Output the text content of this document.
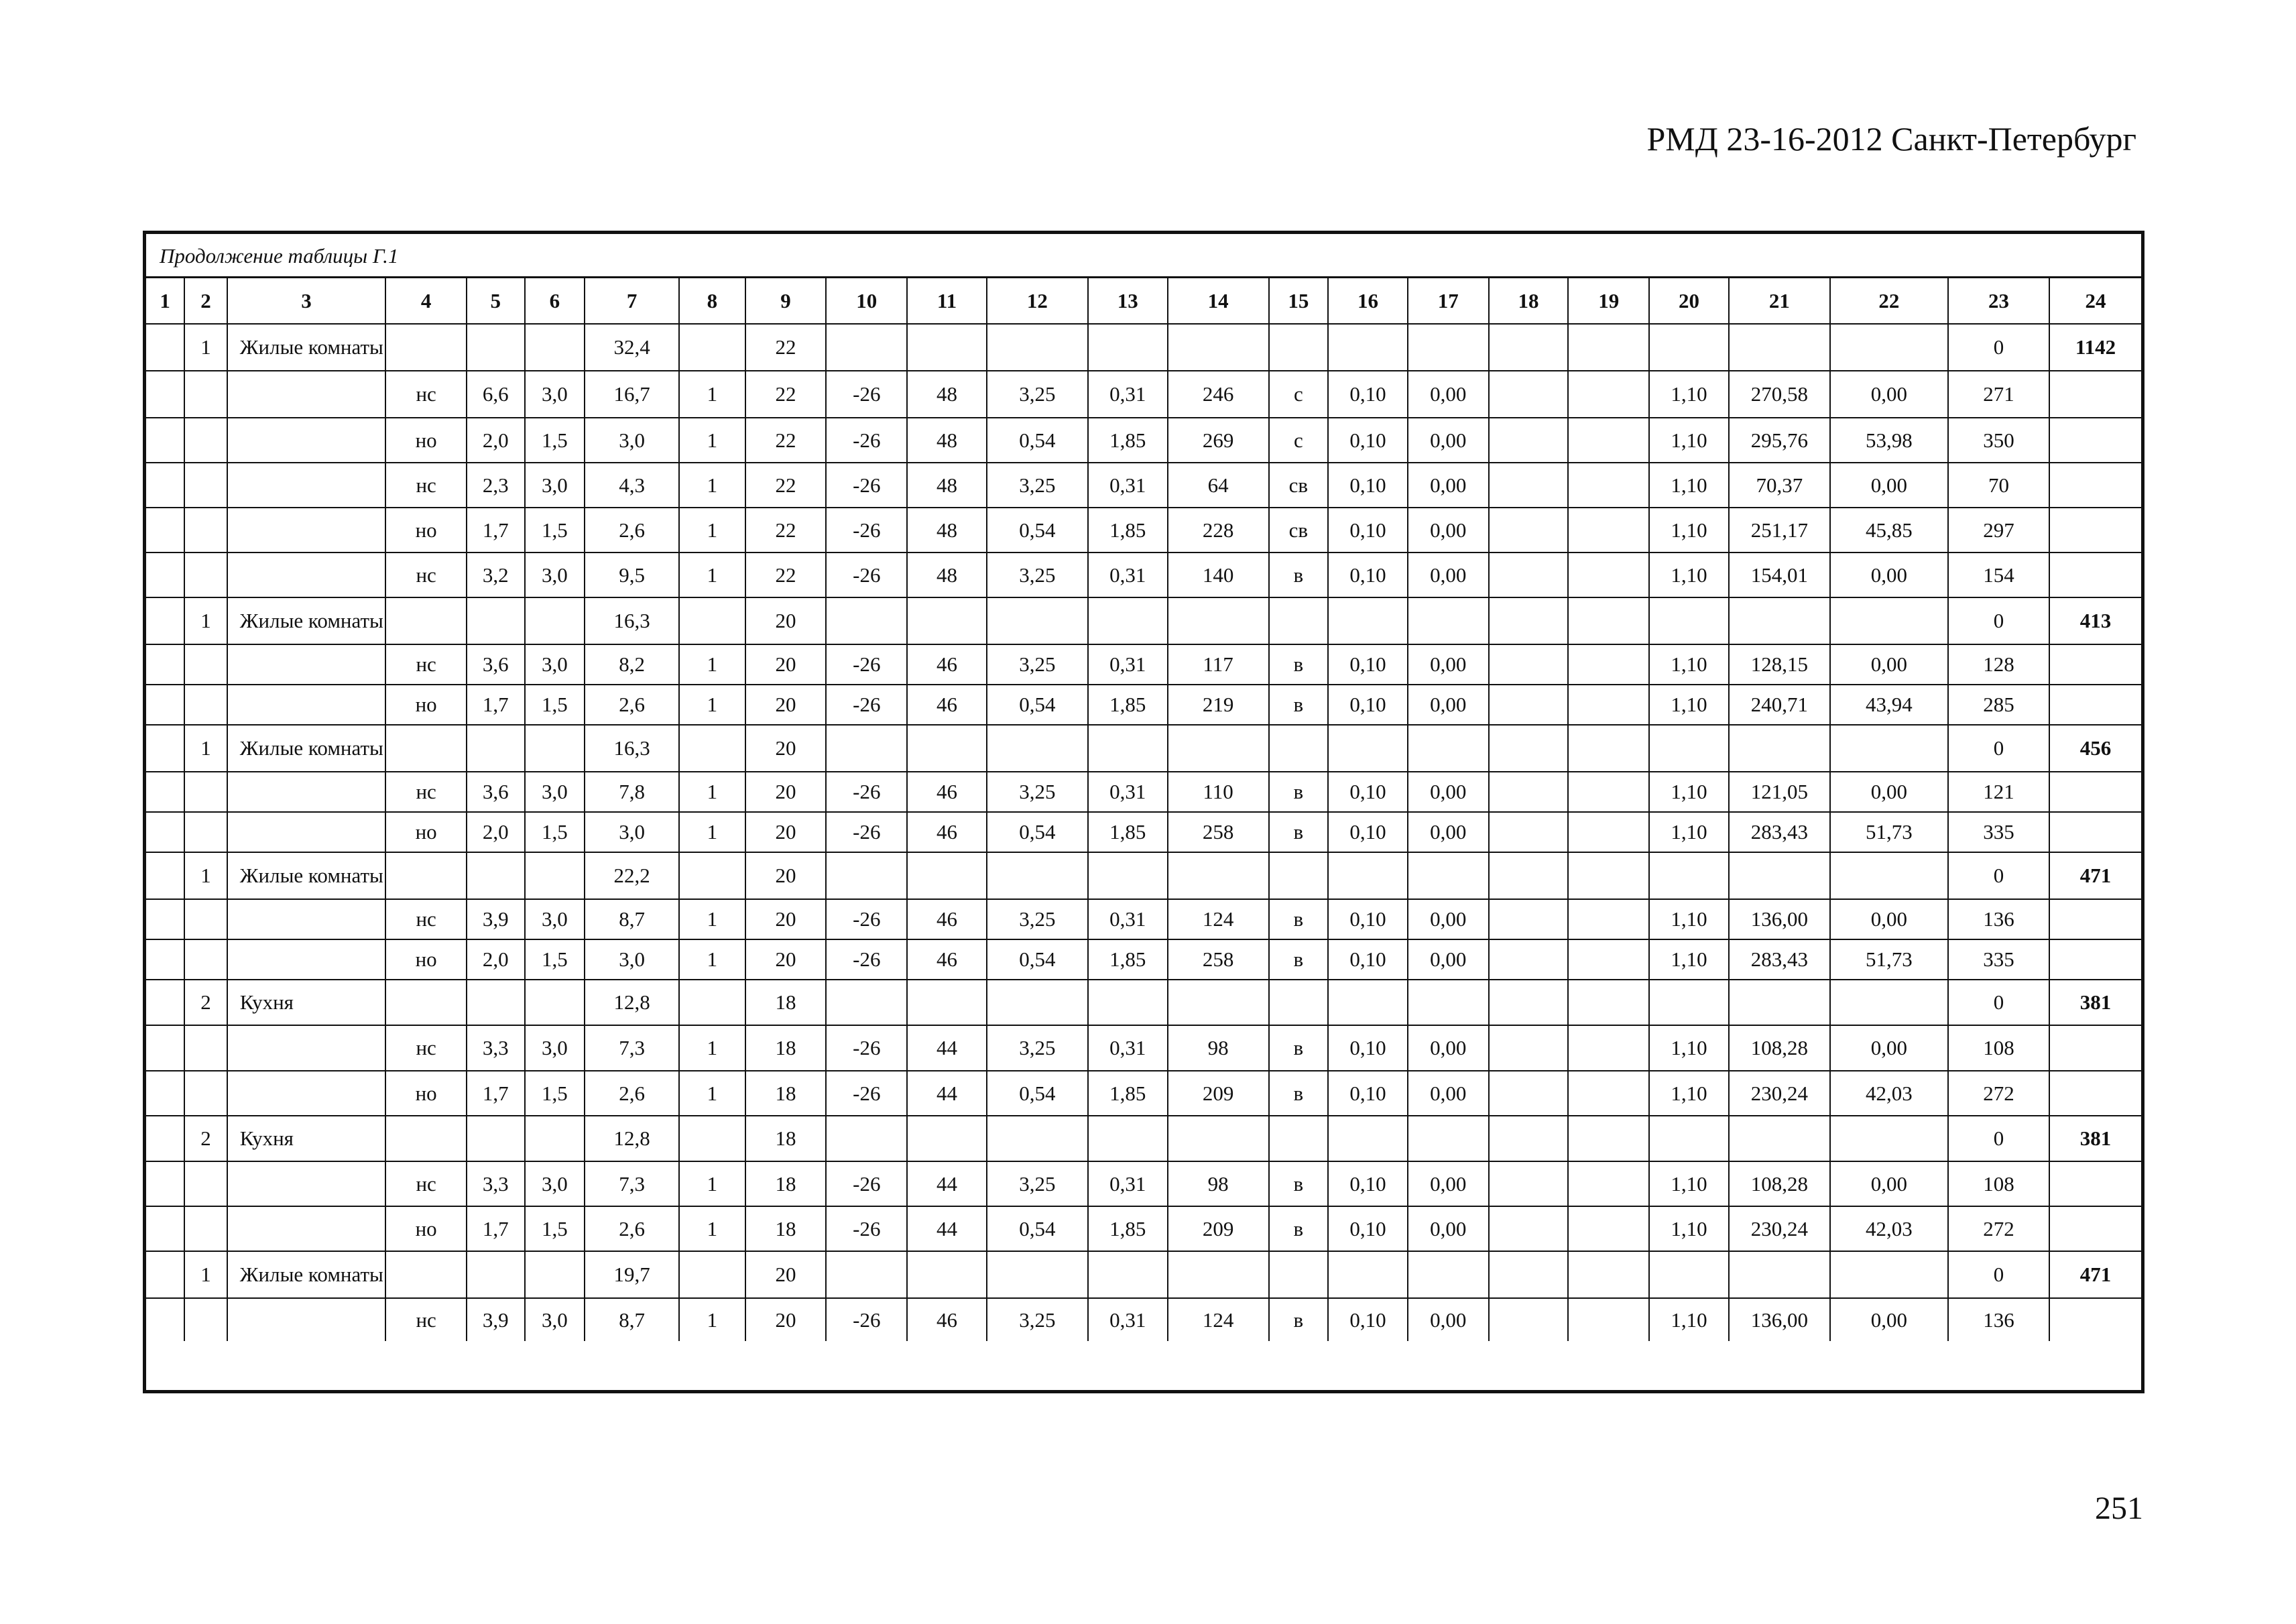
РМД 23-16-2012 Санкт-Петербург
Продолжение таблицы Г.1
1	2	3	4	5	6	7	8	9	10	11	12	13	14	15	16	17	18	19	20	21	22	23	24
	1	Жилые комнаты				32,4		22														0	1142
			нс	6,6	3,0	16,7	1	22	-26	48	3,25	0,31	246	с	0,10	0,00			1,10	270,58	0,00	271	
			но	2,0	1,5	3,0	1	22	-26	48	0,54	1,85	269	с	0,10	0,00			1,10	295,76	53,98	350	
			нс	2,3	3,0	4,3	1	22	-26	48	3,25	0,31	64	св	0,10	0,00			1,10	70,37	0,00	70	
			но	1,7	1,5	2,6	1	22	-26	48	0,54	1,85	228	св	0,10	0,00			1,10	251,17	45,85	297	
			нс	3,2	3,0	9,5	1	22	-26	48	3,25	0,31	140	в	0,10	0,00			1,10	154,01	0,00	154	
	1	Жилые комнаты				16,3		20														0	413
			нс	3,6	3,0	8,2	1	20	-26	46	3,25	0,31	117	в	0,10	0,00			1,10	128,15	0,00	128	
			но	1,7	1,5	2,6	1	20	-26	46	0,54	1,85	219	в	0,10	0,00			1,10	240,71	43,94	285	
	1	Жилые комнаты				16,3		20														0	456
			нс	3,6	3,0	7,8	1	20	-26	46	3,25	0,31	110	в	0,10	0,00			1,10	121,05	0,00	121	
			но	2,0	1,5	3,0	1	20	-26	46	0,54	1,85	258	в	0,10	0,00			1,10	283,43	51,73	335	
	1	Жилые комнаты				22,2		20														0	471
			нс	3,9	3,0	8,7	1	20	-26	46	3,25	0,31	124	в	0,10	0,00			1,10	136,00	0,00	136	
			но	2,0	1,5	3,0	1	20	-26	46	0,54	1,85	258	в	0,10	0,00			1,10	283,43	51,73	335	
	2	Кухня				12,8		18														0	381
			нс	3,3	3,0	7,3	1	18	-26	44	3,25	0,31	98	в	0,10	0,00			1,10	108,28	0,00	108	
			но	1,7	1,5	2,6	1	18	-26	44	0,54	1,85	209	в	0,10	0,00			1,10	230,24	42,03	272	
	2	Кухня				12,8		18														0	381
			нс	3,3	3,0	7,3	1	18	-26	44	3,25	0,31	98	в	0,10	0,00			1,10	108,28	0,00	108	
			но	1,7	1,5	2,6	1	18	-26	44	0,54	1,85	209	в	0,10	0,00			1,10	230,24	42,03	272	
	1	Жилые комнаты				19,7		20														0	471
			нс	3,9	3,0	8,7	1	20	-26	46	3,25	0,31	124	в	0,10	0,00			1,10	136,00	0,00	136	
251
